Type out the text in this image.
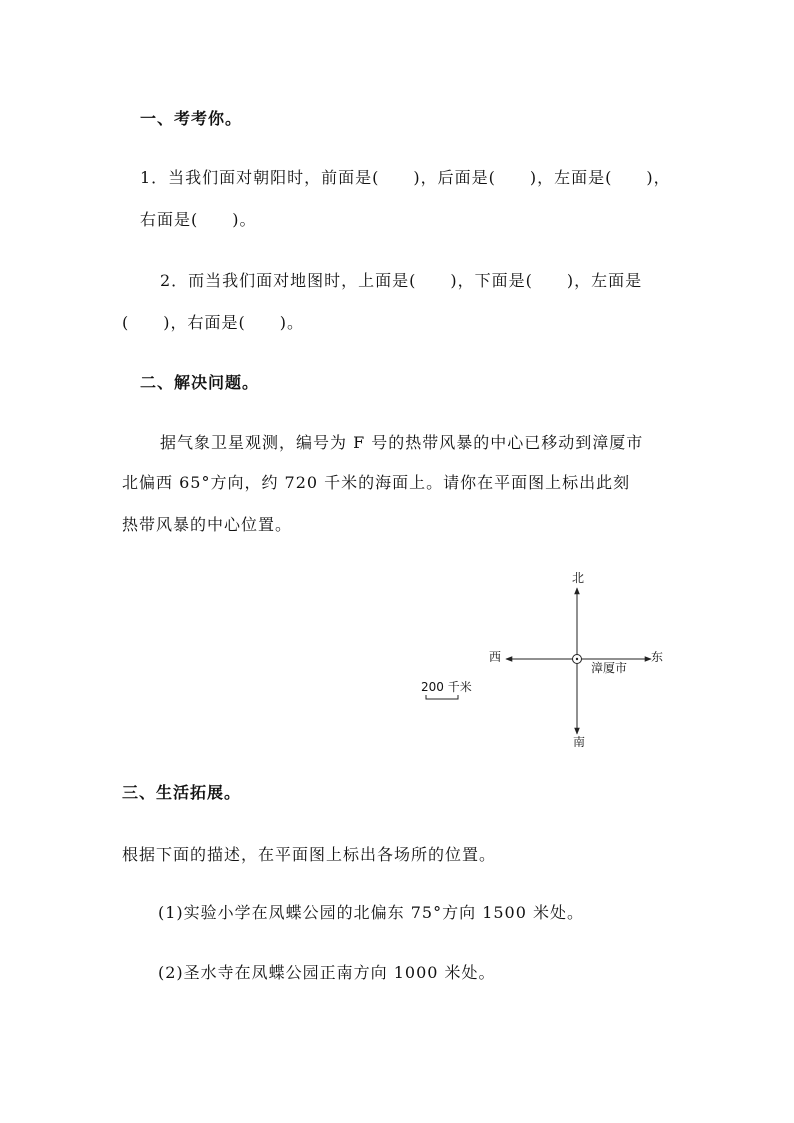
一、考考你。
1．当我们面对朝阳时，前面是(　　)，后面是(　　)，左面是(　　)，
右面是(　　)。
2．而当我们面对地图时，上面是(　　)，下面是(　　)，左面是
(　　)，右面是(　　)。
二、解决问题。
据气象卫星观测，编号为 F 号的热带风暴的中心已移动到漳厦市
北偏西 65°方向，约 720 千米的海面上。请你在平面图上标出此刻
热带风暴的中心位置。
北
南
西	东
漳厦市
200 千米
三、生活拓展。
根据下面的描述，在平面图上标出各场所的位置。
(1)实验小学在凤蝶公园的北偏东 75°方向 1500 米处。
(2)圣水寺在凤蝶公园正南方向 1000 米处。
